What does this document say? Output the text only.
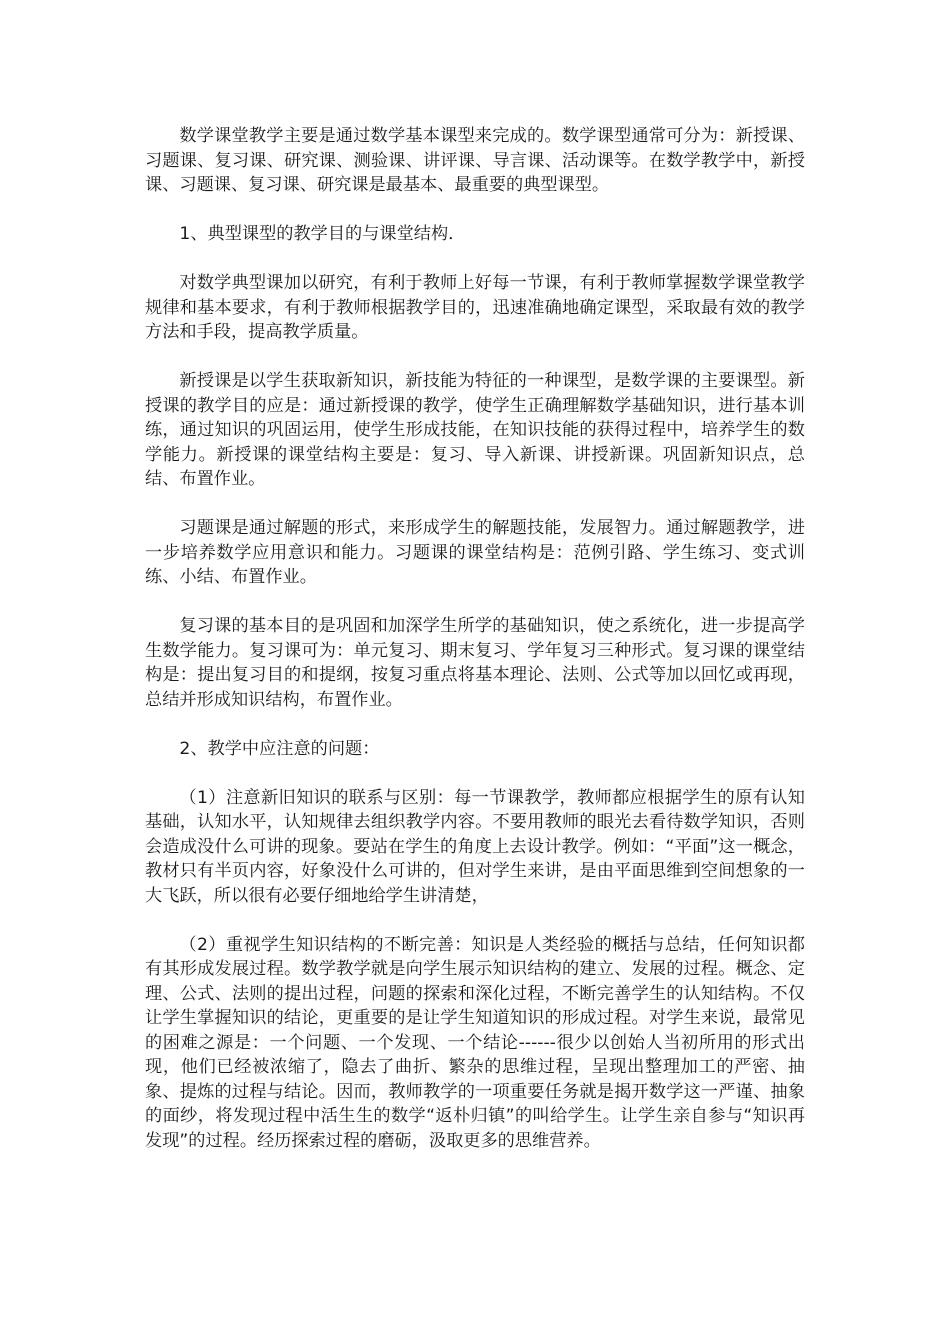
数学课堂教学主要是通过数学基本课型来完成的。数学课型通常可分为：新授课、习题课、复习课、研究课、测验课、讲评课、导言课、活动课等。在数学教学中，新授课、习题课、复习课、研究课是最基本、最重要的典型课型。

1、典型课型的教学目的与课堂结构．

对数学典型课加以研究，有利于教师上好每一节课，有利于教师掌握数学课堂教学规律和基本要求，有利于教师根据教学目的，迅速准确地确定课型，采取最有效的教学方法和手段，提高教学质量。

新授课是以学生获取新知识，新技能为特征的一种课型，是数学课的主要课型。新授课的教学目的应是：通过新授课的教学，使学生正确理解数学基础知识，进行基本训练，通过知识的巩固运用，使学生形成技能，在知识技能的获得过程中，培养学生的数学能力。新授课的课堂结构主要是：复习、导入新课、讲授新课。巩固新知识点，总结、布置作业。

习题课是通过解题的形式，来形成学生的解题技能，发展智力。通过解题教学，进一步培养数学应用意识和能力。习题课的课堂结构是：范例引路、学生练习、变式训练、小结、布置作业。

复习课的基本目的是巩固和加深学生所学的基础知识，使之系统化，进一步提高学生数学能力。复习课可为：单元复习、期末复习、学年复习三种形式。复习课的课堂结构是：提出复习目的和提纲，按复习重点将基本理论、法则、公式等加以回忆或再现，总结并形成知识结构，布置作业。

2、教学中应注意的问题：

（1）注意新旧知识的联系与区别：每一节课教学，教师都应根据学生的原有认知基础，认知水平，认知规律去组织教学内容。不要用教师的眼光去看待数学知识，否则会造成没什么可讲的现象。要站在学生的角度上去设计教学。例如：“平面”这一概念，教材只有半页内容，好象没什么可讲的，但对学生来讲，是由平面思维到空间想象的一大飞跃，所以很有必要仔细地给学生讲清楚，

（2）重视学生知识结构的不断完善：知识是人类经验的概括与总结，任何知识都有其形成发展过程。数学教学就是向学生展示知识结构的建立、发展的过程。概念、定理、公式、法则的提出过程，问题的探索和深化过程，不断完善学生的认知结构。不仅让学生掌握知识的结论，更重要的是让学生知道知识的形成过程。对学生来说，最常见的困难之源是：一个问题、一个发现、一个结论------很少以创始人当初所用的形式出现，他们已经被浓缩了，隐去了曲折、繁杂的思维过程，呈现出整理加工的严密、抽象、提炼的过程与结论。因而，教师教学的一项重要任务就是揭开数学这一严谨、抽象的面纱，将发现过程中活生生的数学“返朴归镇”的叫给学生。让学生亲自参与“知识再发现”的过程。经历探索过程的磨砺，汲取更多的思维营养。
